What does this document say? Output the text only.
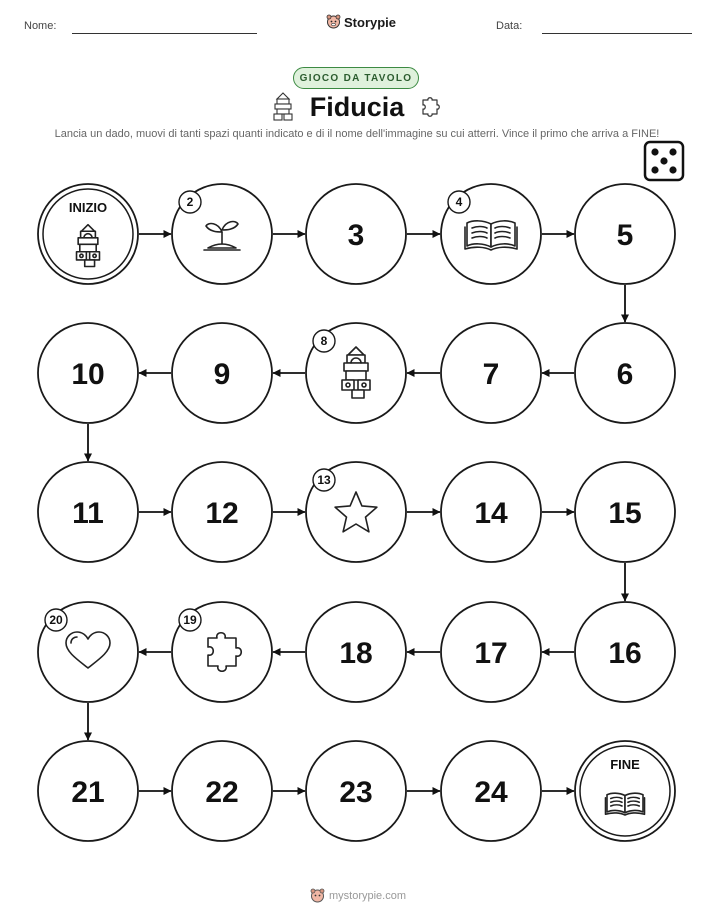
Nome:	Data:
Storypie
GIOCO DA TAVOLO
Fiducia
Lancia un dado, muovi di tanti spazi quanti indicato e di il nome dell'immagine su cui atterri. Vince il primo che arriva a FINE!
INIZIO	2
3
4
5
6
7
8
9
10
11	12
13
14	15
16
17
18
19
20
21	22	23	24
FINE
mystorypie.com
